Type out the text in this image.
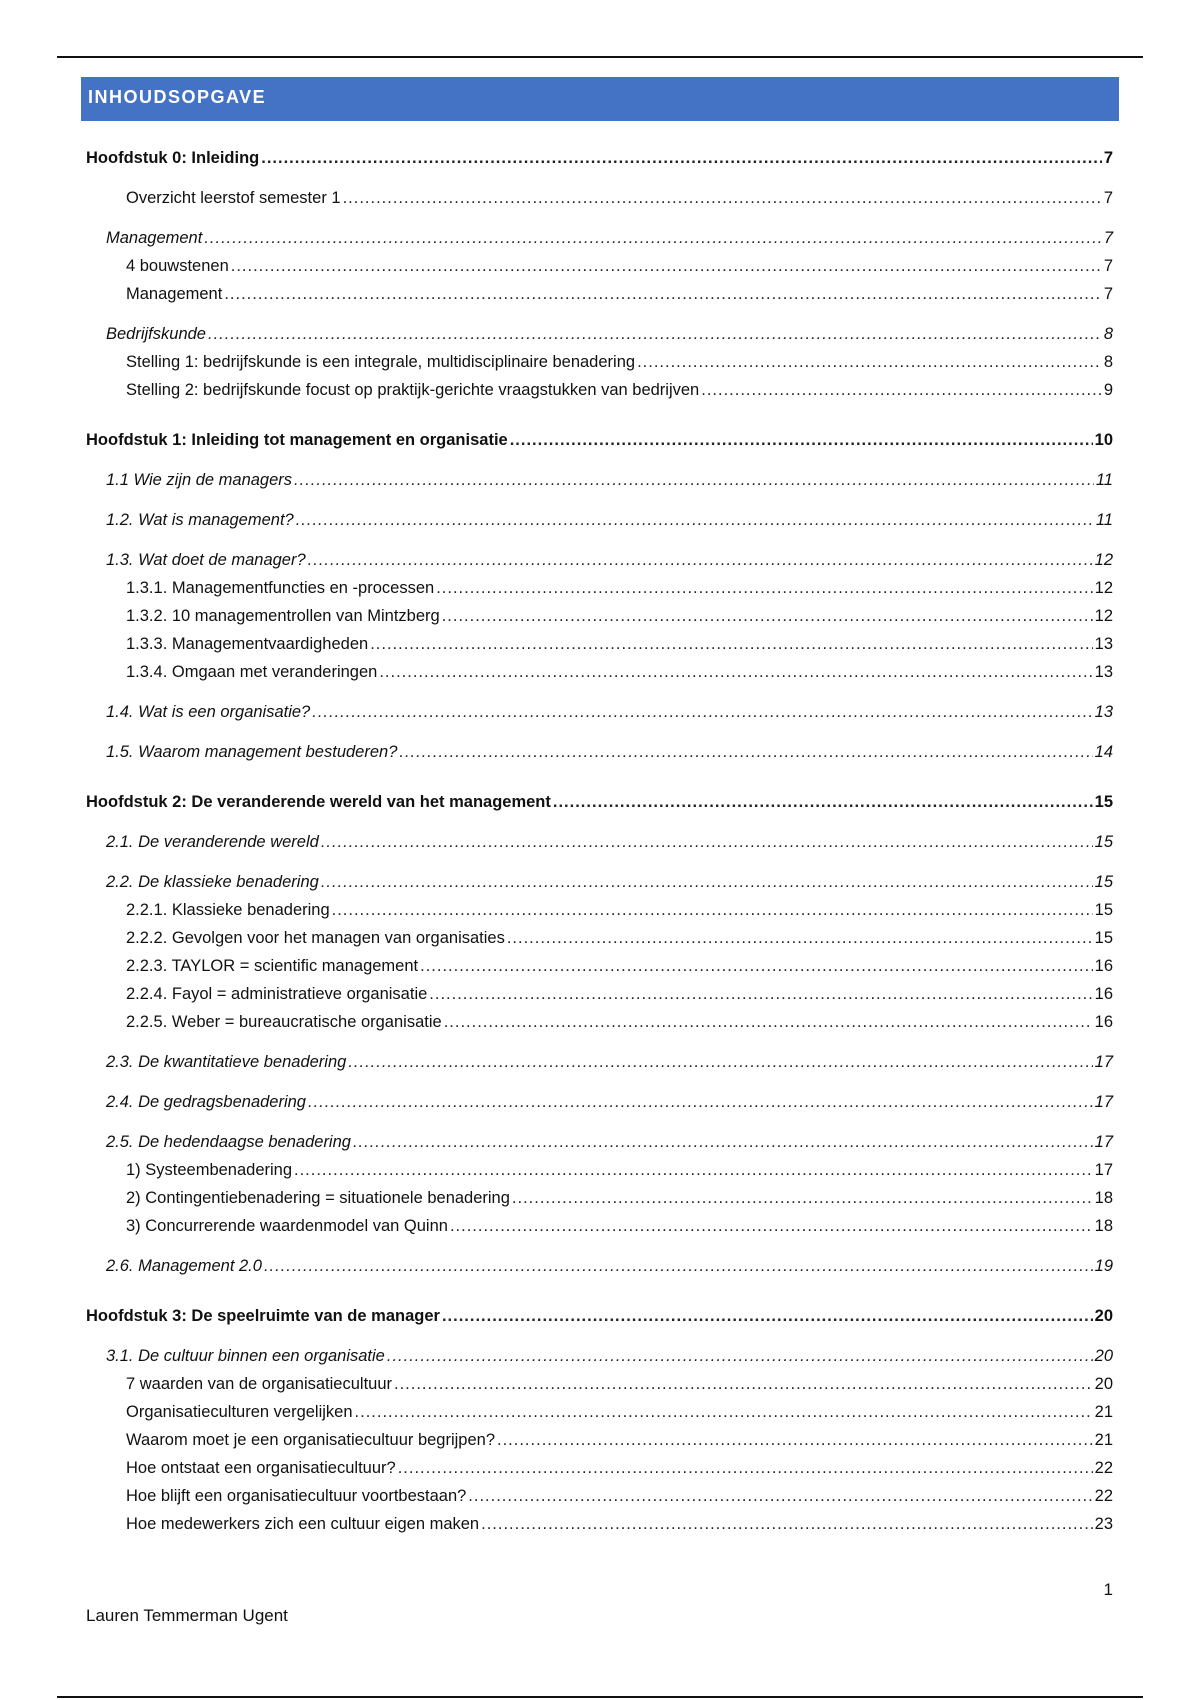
INHOUDSOPGAVE
Hoofdstuk 0: Inleiding .....	7
Overzicht leerstof semester 1 .....	7
Management .....	7
4 bouwstenen .....	7
Management .....	7
Bedrijfskunde .....	8
Stelling 1: bedrijfskunde is een integrale, multidisciplinaire benadering .....	8
Stelling 2: bedrijfskunde focust op praktijk-gerichte vraagstukken van bedrijven .....	9
Hoofdstuk 1: Inleiding tot management en organisatie .....	10
1.1 Wie zijn de managers .....	11
1.2. Wat is management? .....	11
1.3. Wat doet de manager? .....	12
1.3.1. Managementfuncties en -processen .....	12
1.3.2. 10 managementrollen van Mintzberg .....	12
1.3.3. Managementvaardigheden .....	13
1.3.4. Omgaan met veranderingen .....	13
1.4. Wat is een organisatie? .....	13
1.5. Waarom management bestuderen? .....	14
Hoofdstuk 2: De veranderende wereld van het management .....	15
2.1. De veranderende wereld .....	15
2.2. De klassieke benadering .....	15
2.2.1. Klassieke benadering .....	15
2.2.2. Gevolgen voor het managen van organisaties .....	15
2.2.3. TAYLOR = scientific management .....	16
2.2.4. Fayol = administratieve organisatie .....	16
2.2.5. Weber = bureaucratische organisatie .....	16
2.3. De kwantitatieve benadering .....	17
2.4. De gedragsbenadering .....	17
2.5. De hedendaagse benadering .....	17
1) Systeembenadering .....	17
2) Contingentiebenadering = situationele benadering .....	18
3) Concurrerende waardenmodel van Quinn .....	18
2.6. Management 2.0 .....	19
Hoofdstuk 3: De speelruimte van de manager .....	20
3.1. De cultuur binnen een organisatie .....	20
7 waarden van de organisatiecultuur .....	20
Organisatieculturen vergelijken .....	21
Waarom moet je een organisatiecultuur begrijpen? .....	21
Hoe ontstaat een organisatiecultuur? .....	22
Hoe blijft een organisatiecultuur voortbestaan? .....	22
Hoe medewerkers zich een cultuur eigen maken .....	23
1
Lauren Temmerman Ugent
